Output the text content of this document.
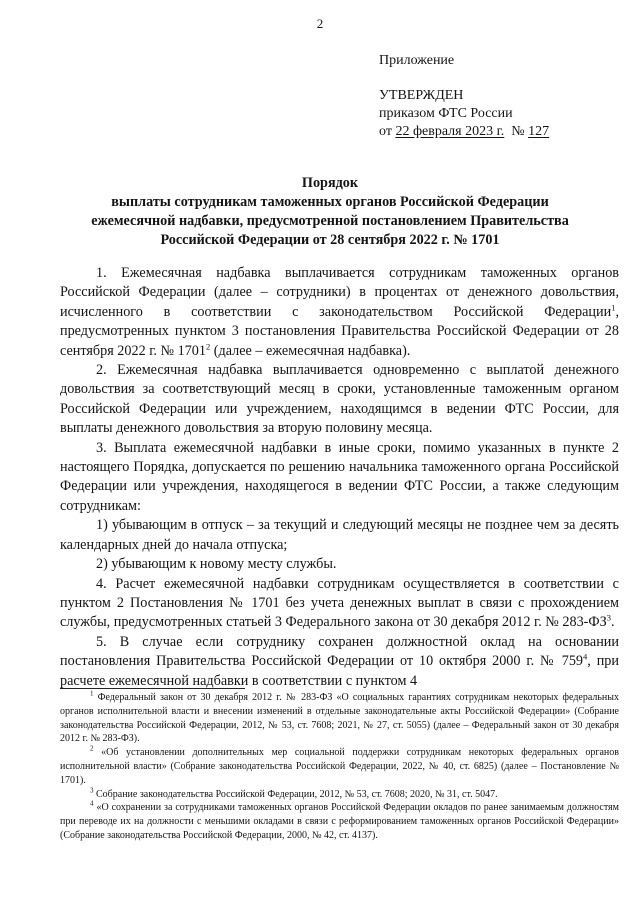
2
Приложение
УТВЕРЖДЕН
приказом ФТС России
от 22 февраля 2023 г. № 127
Порядок
выплаты сотрудникам таможенных органов Российской Федерации
ежемесячной надбавки, предусмотренной постановлением Правительства
Российской Федерации от 28 сентября 2022 г. № 1701

1. Ежемесячная надбавка выплачивается сотрудникам таможенных органов Российской Федерации (далее – сотрудники) в процентах от денежного довольствия, исчисленного в соответствии с законодательством Российской Федерации$^1$, предусмотренных пунктом 3 постановления Правительства Российской Федерации от 28 сентября 2022 г. № 1701$^2$ (далее – ежемесячная надбавка).

2. Ежемесячная надбавка выплачивается одновременно с выплатой денежного довольствия за соответствующий месяц в сроки, установленные таможенным органом Российской Федерации или учреждением, находящимся в ведении ФТС России, для выплаты денежного довольствия за вторую половину месяца.

3. Выплата ежемесячной надбавки в иные сроки, помимо указанных в пункте 2 настоящего Порядка, допускается по решению начальника таможенного органа Российской Федерации или учреждения, находящегося в ведении ФТС России, а также следующим сотрудникам:

1) убывающим в отпуск – за текущий и следующий месяцы не позднее чем за десять календарных дней до начала отпуска;

2) убывающим к новому месту службы.

4. Расчет ежемесячной надбавки сотрудникам осуществляется в соответствии с пунктом 2 Постановления № 1701 без учета денежных выплат в связи с прохождением службы, предусмотренных статьей 3 Федерального закона от 30 декабря 2012 г. № $283-ФЗ^3$.

5. В случае если сотруднику сохранен должностной оклад на основании постановления Правительства Российской Федерации от 10 октября 2000 г. № $759^4$, при расчете ежемесячной надбавки в соответствии с пунктом 4

$^1$ Федеральный закон от 30 декабря 2012 г. № 283-ФЗ «О социальных гарантиях сотрудникам некоторых федеральных органов исполнительной власти и внесении изменений в отдельные законодательные акты Российской Федерации» (Собрание законодательства Российской Федерации, 2012, № 53, ст. 7608; 2021, № 27, ст. 5055) (далее – Федеральный закон от 30 декабря 2012 г. № 283-ФЗ).

$^2$ «Об установлении дополнительных мер социальной поддержки сотрудникам некоторых федеральных органов исполнительной власти» (Собрание законодательства Российской Федерации, 2022, № 40, ст. 6825) (далее – Постановление № 1701).

$^3$ Собрание законодательства Российской Федерации, 2012, № 53, ст. 7608; 2020, № 31, ст. 5047.

$^4$ «О сохранении за сотрудниками таможенных органов Российской Федерации окладов по ранее занимаемым должностям при переводе их на должности с меньшими окладами в связи с реформированием таможенных органов Российской Федерации» (Собрание законодательства Российской Федерации, 2000, № 42, ст. 4137).
